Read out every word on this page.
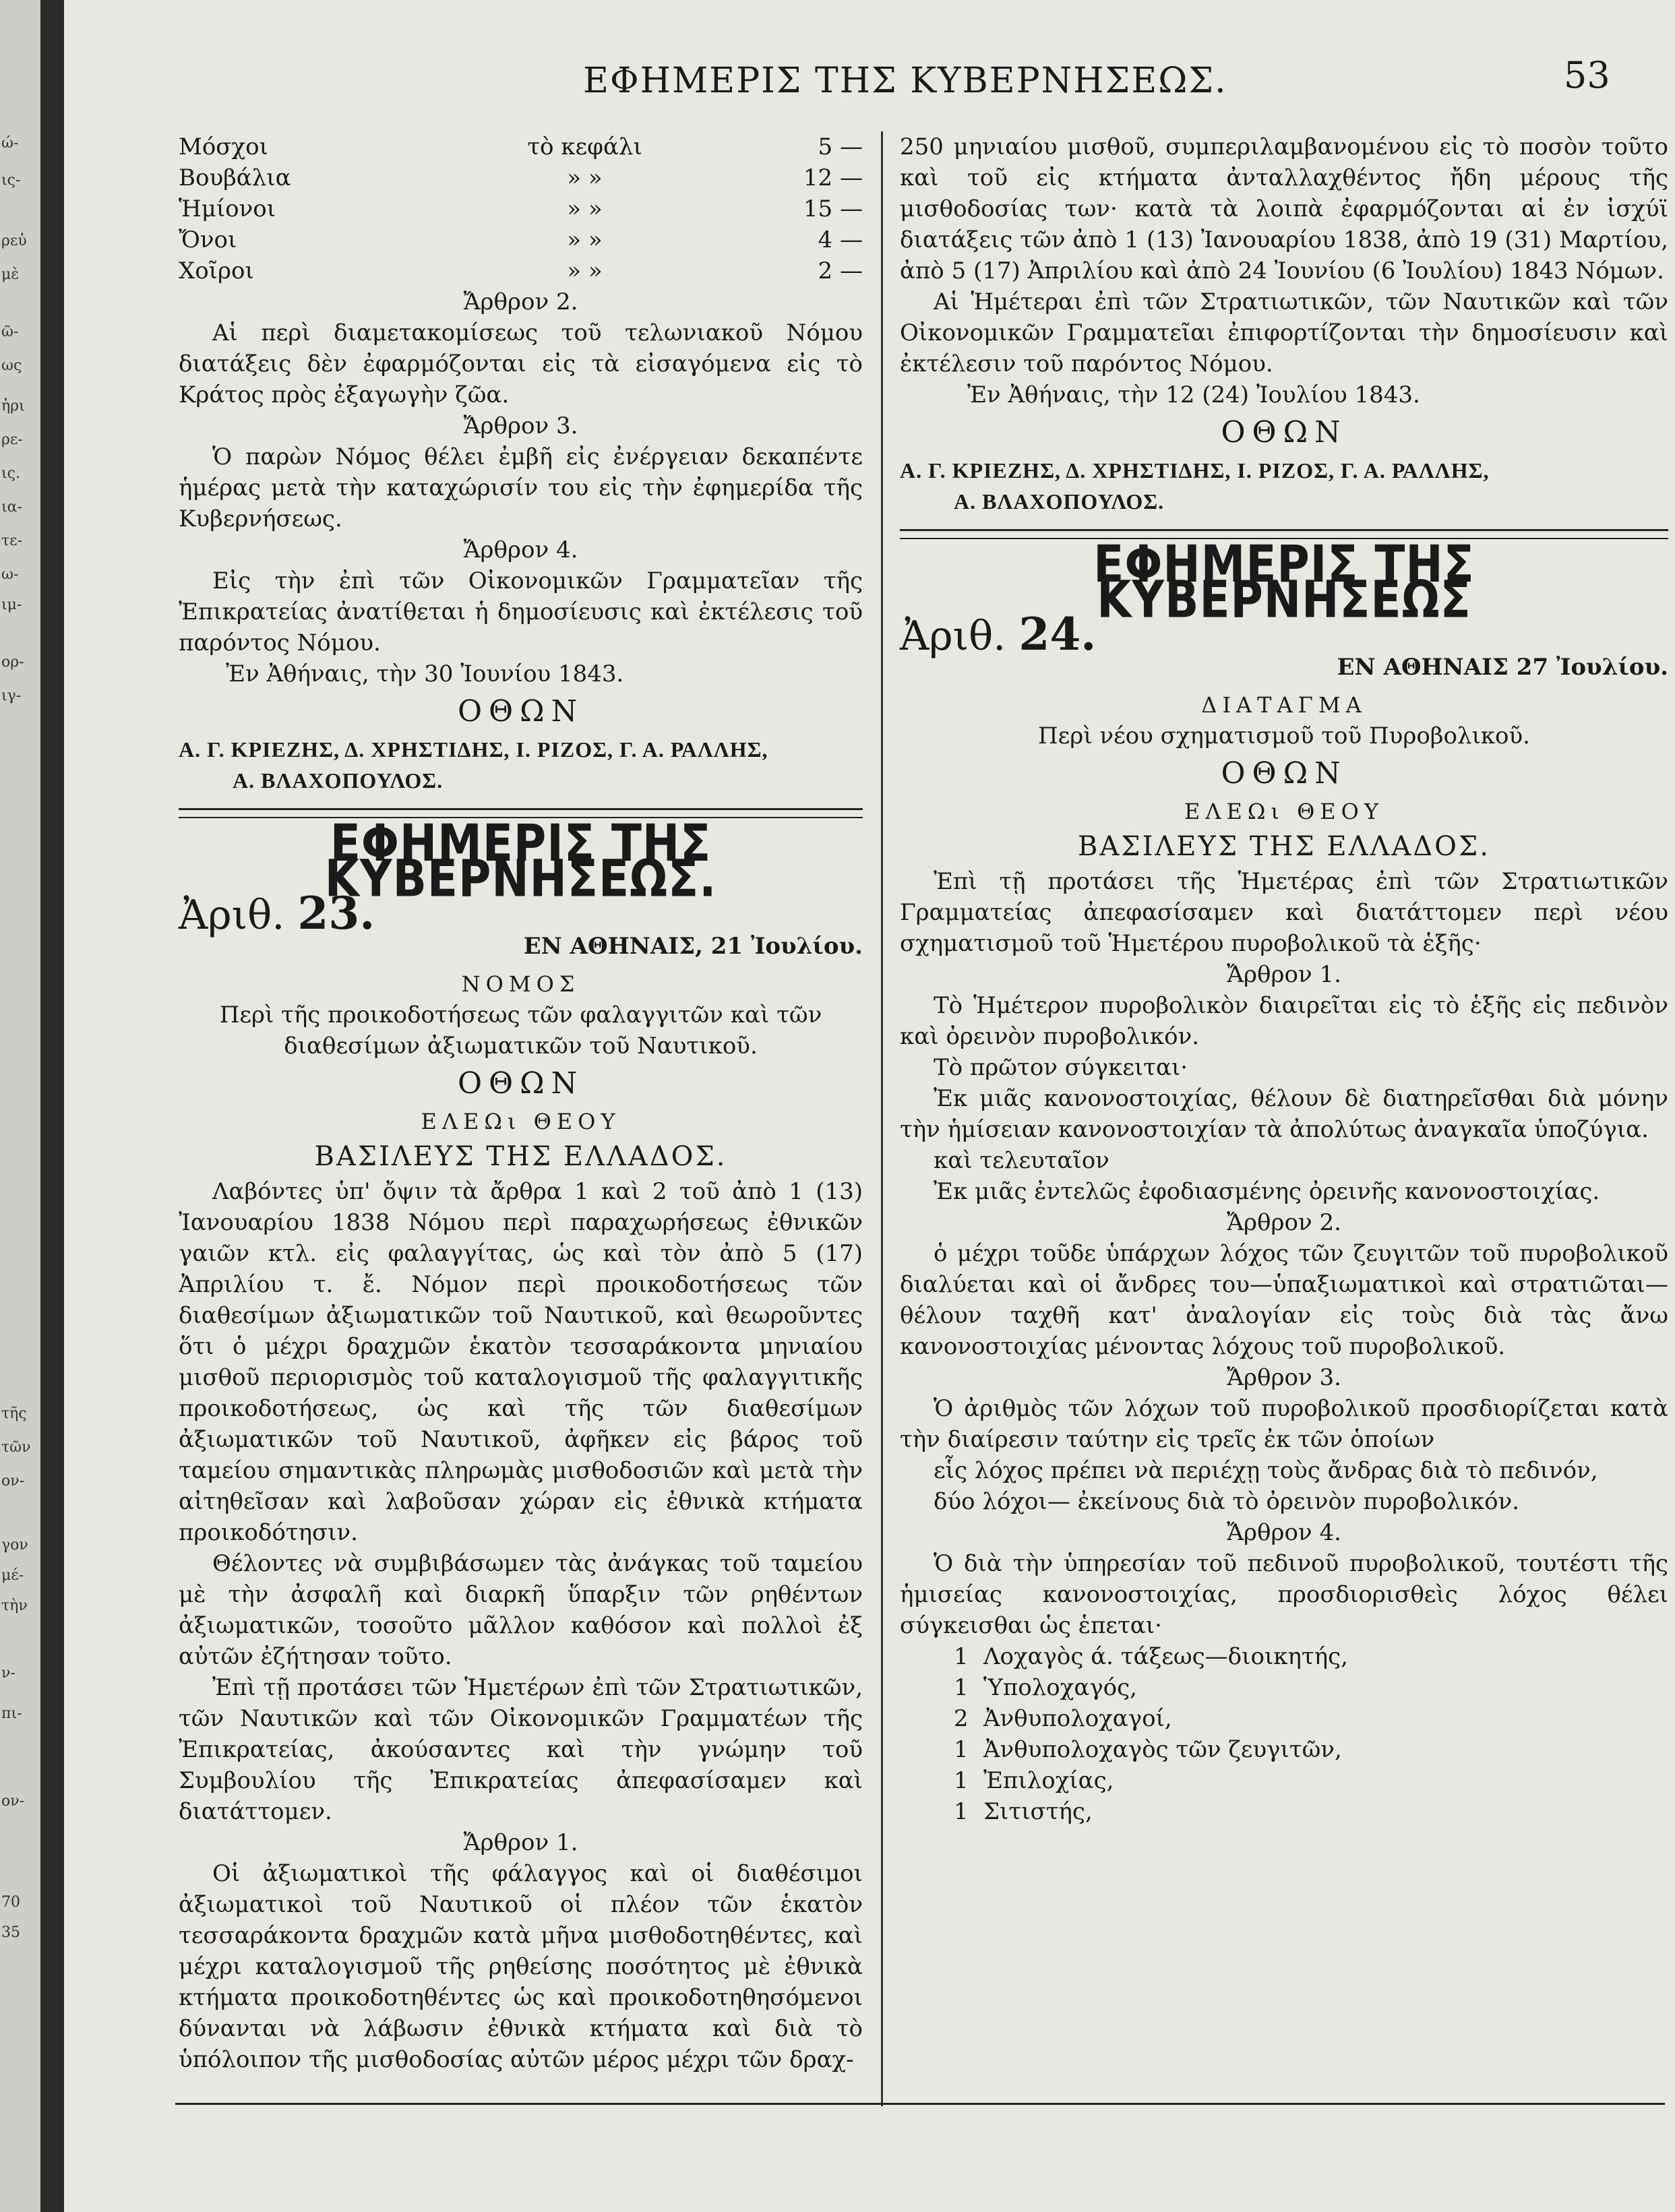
ώ-
ις-
ρεὐ
μὲ
ῶ-
ως
ἡρι
ρε-
ις.
ια-
τε-
ω-
ιμ-
ορ-
ιγ-
τῆς
τῶν
ον-
γον
μέ-
τὴν
ν-
πι-
ον-
70
35
ΕΦΗΜΕΡΙΣ ΤΗΣ ΚΥΒΕΡΝΗΣΕΩΣ.	53
Μόσχοι	τὸ κεφάλι	5 —
Βουβάλια	» »	12 —
Ἡμίονοι	» »	15 —
Ὄνοι	» »	4 —
Χοῖροι	» »	2 —
Ἄρθρον 2.
Αἱ περὶ διαμετακομίσεως τοῦ τελωνιακοῦ Νόμου διατάξεις δὲν ἐφαρμόζονται εἰς τὰ εἰσαγόμενα εἰς τὸ Κράτος πρὸς ἐξαγωγὴν ζῶα.
Ἄρθρον 3.
Ὁ παρὼν Νόμος θέλει ἐμβῆ εἰς ἐνέργειαν δεκαπέντε ἡμέρας μετὰ τὴν καταχώρισίν του εἰς τὴν ἐφημερίδα τῆς Κυβερνήσεως.
Ἄρθρον 4.
Εἰς τὴν ἐπὶ τῶν Οἰκονομικῶν Γραμματεῖαν τῆς Ἐπικρατείας ἀνατίθεται ἡ δημοσίευσις καὶ ἐκτέλεσις τοῦ παρόντος Νόμου.
Ἐν Ἀθήναις, τὴν 30 Ἰουνίου 1843.
ΟΘΩΝ
Α. Γ. ΚΡΙΕΖΗΣ, Δ. ΧΡΗΣΤΙΔΗΣ, Ι. ΡΙΖΟΣ, Γ. Α. ΡΑΛΛΗΣ,
Α. ΒΛΑΧΟΠΟΥΛΟΣ.
ΕΦΗΜΕΡΙΣ ΤΗΣ ΚΥΒΕΡΝΗΣΕΩΣ.
Ἀριθ. 23.
ΕΝ ΑΘΗΝΑΙΣ, 21 Ἰουλίου.
ΝΟΜΟΣ
Περὶ τῆς προικοδοτήσεως τῶν φαλαγγιτῶν καὶ τῶν διαθεσίμων ἀξιωματικῶν τοῦ Ναυτικοῦ.
ΟΘΩΝ
ΕΛΕΩι ΘΕΟΥ
ΒΑΣΙΛΕΥΣ ΤΗΣ ΕΛΛΑΔΟΣ.
Λαβόντες ὑπ' ὄψιν τὰ ἄρθρα 1 καὶ 2 τοῦ ἀπὸ 1 (13) Ἰανουαρίου 1838 Νόμου περὶ παραχωρήσεως ἐθνικῶν γαιῶν κτλ. εἰς φαλαγγίτας, ὡς καὶ τὸν ἀπὸ 5 (17) Ἀπριλίου τ. ἔ. Νόμον περὶ προικοδοτήσεως τῶν διαθεσίμων ἀξιωματικῶν τοῦ Ναυτικοῦ, καὶ θεωροῦντες ὅτι ὁ μέχρι δραχμῶν ἑκατὸν τεσσαράκοντα μηνιαίου μισθοῦ περιορισμὸς τοῦ καταλογισμοῦ τῆς φαλαγγιτικῆς προικοδοτήσεως, ὡς καὶ τῆς τῶν διαθεσίμων ἀξιωματικῶν τοῦ Ναυτικοῦ, ἀφῆκεν εἰς βάρος τοῦ ταμείου σημαντικὰς πληρωμὰς μισθοδοσιῶν καὶ μετὰ τὴν αἰτηθεῖσαν καὶ λαβοῦσαν χώραν εἰς ἐθνικὰ κτήματα προικοδότησιν.
Θέλοντες νὰ συμβιβάσωμεν τὰς ἀνάγκας τοῦ ταμείου μὲ τὴν ἀσφαλῆ καὶ διαρκῆ ὕπαρξιν τῶν ρηθέντων ἀξιωματικῶν, τοσοῦτο μᾶλλον καθόσον καὶ πολλοὶ ἐξ αὐτῶν ἐζήτησαν τοῦτο.
Ἐπὶ τῇ προτάσει τῶν Ἡμετέρων ἐπὶ τῶν Στρατιωτικῶν, τῶν Ναυτικῶν καὶ τῶν Οἰκονομικῶν Γραμματέων τῆς Ἐπικρατείας, ἀκούσαντες καὶ τὴν γνώμην τοῦ Συμβουλίου τῆς Ἐπικρατείας ἀπεφασίσαμεν καὶ διατάττομεν.
Ἄρθρον 1.
Οἱ ἀξιωματικοὶ τῆς φάλαγγος καὶ οἱ διαθέσιμοι ἀξιωματικοὶ τοῦ Ναυτικοῦ οἱ πλέον τῶν ἑκατὸν τεσσαράκοντα δραχμῶν κατὰ μῆνα μισθοδοτηθέντες, καὶ μέχρι καταλογισμοῦ τῆς ρηθείσης ποσότητος μὲ ἐθνικὰ κτήματα προικοδοτηθέντες ὡς καὶ προικοδοτηθησόμενοι δύνανται νὰ λάβωσιν ἐθνικὰ κτήματα καὶ διὰ τὸ ὑπόλοιπον τῆς μισθοδοσίας αὐτῶν μέρος μέχρι τῶν δραχ-
250 μηνιαίου μισθοῦ, συμπεριλαμβανομένου εἰς τὸ ποσὸν τοῦτο καὶ τοῦ εἰς κτήματα ἀνταλλαχθέντος ἤδη μέρους τῆς μισθοδοσίας των· κατὰ τὰ λοιπὰ ἐφαρμόζονται αἱ ἐν ἰσχύϊ διατάξεις τῶν ἀπὸ 1 (13) Ἰανουαρίου 1838, ἀπὸ 19 (31) Μαρτίου, ἀπὸ 5 (17) Ἀπριλίου καὶ ἀπὸ 24 Ἰουνίου (6 Ἰουλίου) 1843 Νόμων.
Αἱ Ἡμέτεραι ἐπὶ τῶν Στρατιωτικῶν, τῶν Ναυτικῶν καὶ τῶν Οἰκονομικῶν Γραμματεῖαι ἐπιφορτίζονται τὴν δημοσίευσιν καὶ ἐκτέλεσιν τοῦ παρόντος Νόμου.
Ἐν Ἀθήναις, τὴν 12 (24) Ἰουλίου 1843.
ΟΘΩΝ
Α. Γ. ΚΡΙΕΖΗΣ, Δ. ΧΡΗΣΤΙΔΗΣ, Ι. ΡΙΖΟΣ, Γ. Α. ΡΑΛΛΗΣ,
Α. ΒΛΑΧΟΠΟΥΛΟΣ.
ΕΦΗΜΕΡΙΣ ΤΗΣ ΚΥΒΕΡΝΗΣΕΩΣ
Ἀριθ. 24.
ΕΝ ΑΘΗΝΑΙΣ 27 Ἰουλίου.
ΔΙΑΤΑΓΜΑ
Περὶ νέου σχηματισμοῦ τοῦ Πυροβολικοῦ.
ΟΘΩΝ
ΕΛΕΩι ΘΕΟΥ
ΒΑΣΙΛΕΥΣ ΤΗΣ ΕΛΛΑΔΟΣ.
Ἐπὶ τῇ προτάσει τῆς Ἡμετέρας ἐπὶ τῶν Στρατιωτικῶν Γραμματείας ἀπεφασίσαμεν καὶ διατάττομεν περὶ νέου σχηματισμοῦ τοῦ Ἡμετέρου πυροβολικοῦ τὰ ἑξῆς·
Ἄρθρον 1.
Τὸ Ἡμέτερον πυροβολικὸν διαιρεῖται εἰς τὸ ἑξῆς εἰς πεδινὸν καὶ ὀρεινὸν πυροβολικόν.
Τὸ πρῶτον σύγκειται·
Ἐκ μιᾶς κανονοστοιχίας, θέλουν δὲ διατηρεῖσθαι διὰ μόνην τὴν ἡμίσειαν κανονοστοιχίαν τὰ ἀπολύτως ἀναγκαῖα ὑποζύγια.
καὶ τελευταῖον
Ἐκ μιᾶς ἐντελῶς ἐφοδιασμένης ὀρεινῆς κανονοστοιχίας.
Ἄρθρον 2.
ὁ μέχρι τοῦδε ὑπάρχων λόχος τῶν ζευγιτῶν τοῦ πυροβολικοῦ διαλύεται καὶ οἱ ἄνδρες του—ὑπαξιωματικοὶ καὶ στρατιῶται—θέλουν ταχθῆ κατ' ἀναλογίαν εἰς τοὺς διὰ τὰς ἄνω κανονοστοιχίας μένοντας λόχους τοῦ πυροβολικοῦ.
Ἄρθρον 3.
Ὁ ἀριθμὸς τῶν λόχων τοῦ πυροβολικοῦ προσδιορίζεται κατὰ τὴν διαίρεσιν ταύτην εἰς τρεῖς ἐκ τῶν ὁποίων
εἷς λόχος πρέπει νὰ περιέχῃ τοὺς ἄνδρας διὰ τὸ πεδινόν,
δύο λόχοι— ἐκείνους διὰ τὸ ὀρεινὸν πυροβολικόν.
Ἄρθρον 4.
Ὁ διὰ τὴν ὑπηρεσίαν τοῦ πεδινοῦ πυροβολικοῦ, τουτέστι τῆς ἡμισείας κανονοστοιχίας, προσδιορισθεὶς λόχος θέλει σύγκεισθαι ὡς ἑπεται·
1 Λοχαγὸς ά. τάξεως—διοικητής,
1 Ὑπολοχαγός,
2 Ἀνθυπολοχαγοί,
1 Ἀνθυπολοχαγὸς τῶν ζευγιτῶν,
1 Ἐπιλοχίας,
1 Σιτιστής,
